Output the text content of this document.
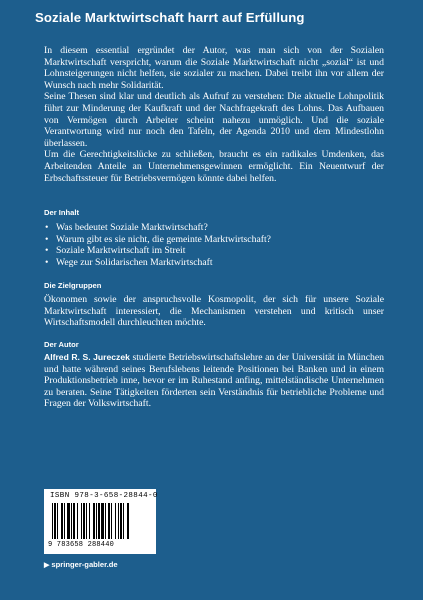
Soziale Marktwirtschaft harrt auf Erfüllung

In diesem essential ergründet der Autor, was man sich von der Sozialen Marktwirtschaft verspricht, warum die Soziale Marktwirtschaft nicht „sozial“ ist und Lohnsteigerungen nicht helfen, sie sozialer zu machen. Dabei treibt ihn vor allem der Wunsch nach mehr Solidarität.

Seine Thesen sind klar und deutlich als Aufruf zu verstehen: Die aktuelle Lohnpolitik führt zur Minderung der Kaufkraft und der Nachfragekraft des Lohns. Das Aufbauen von Vermögen durch Arbeiter scheint nahezu unmöglich. Und die soziale Verantwortung wird nur noch den Tafeln, der Agenda 2010 und dem Mindestlohn überlassen.

Um die Gerechtigkeitslücke zu schließen, braucht es ein radikales Umdenken, das Arbeitenden Anteile an Unternehmensgewinnen ermöglicht. Ein Neuentwurf der Erbschaftssteuer für Betriebsvermögen könnte dabei helfen.

Der Inhalt
• Was bedeutet Soziale Marktwirtschaft?
• Warum gibt es sie nicht, die gemeinte Marktwirtschaft?
• Soziale Marktwirtschaft im Streit
• Wege zur Solidarischen Marktwirtschaft
Die Zielgruppen

Ökonomen sowie der anspruchsvolle Kosmopolit, der sich für unsere Soziale Marktwirtschaft interessiert, die Mechanismen verstehen und kritisch unser Wirtschaftsmodell durchleuchten möchte.

Der Autor

Alfred R. S. Jureczek studierte Betriebswirtschaftslehre an der Universität in München und hatte während seines Berufslebens leitende Positionen bei Banken und in einem Produktionsbetrieb inne, bevor er im Ruhestand anfing, mittelständische Unternehmen zu beraten. Seine Tätigkeiten förderten sein Verständnis für betriebliche Probleme und Fragen der Volkswirtschaft.

ISBN 978-3-658-28844-0
9 783658 288440
▶ springer-gabler.de
